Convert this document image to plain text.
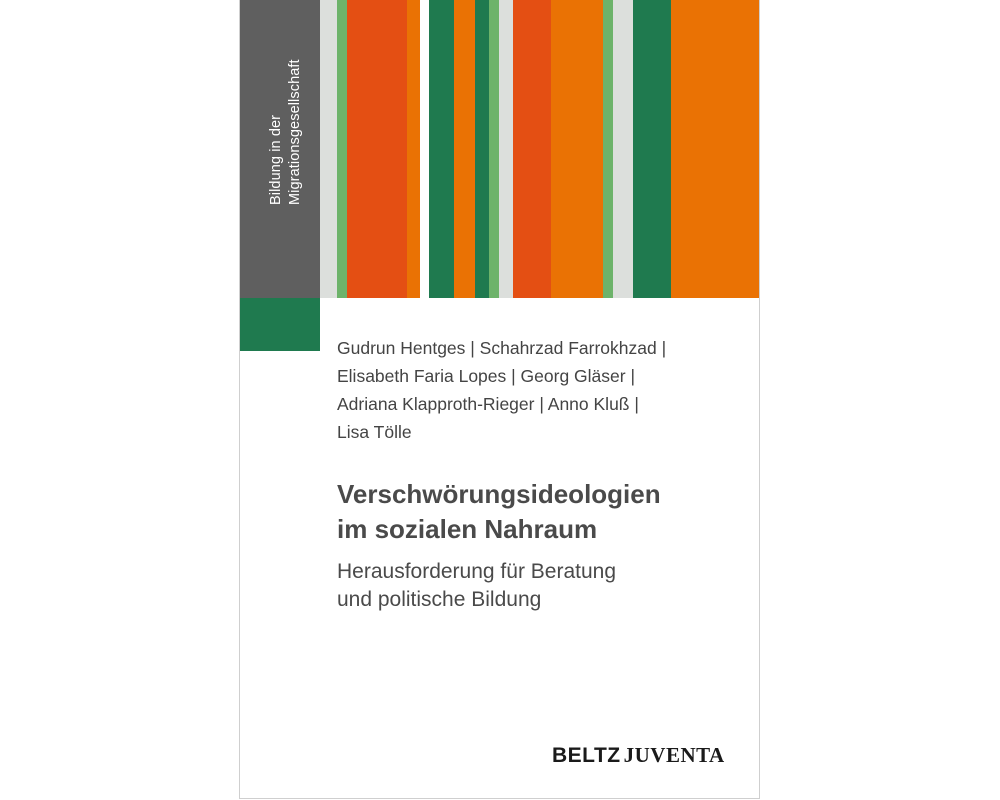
Bildung in der Migrationsgesellschaft
Gudrun Hentges | Schahrzad Farrokhzad |
Elisabeth Faria Lopes | Georg Gläser |
Adriana Klapproth-Rieger | Anno Kluß |
Lisa Tölle
Verschwörungsideologien
im sozialen Nahraum
Herausforderung für Beratung
und politische Bildung
BELTZ JUVENTA
